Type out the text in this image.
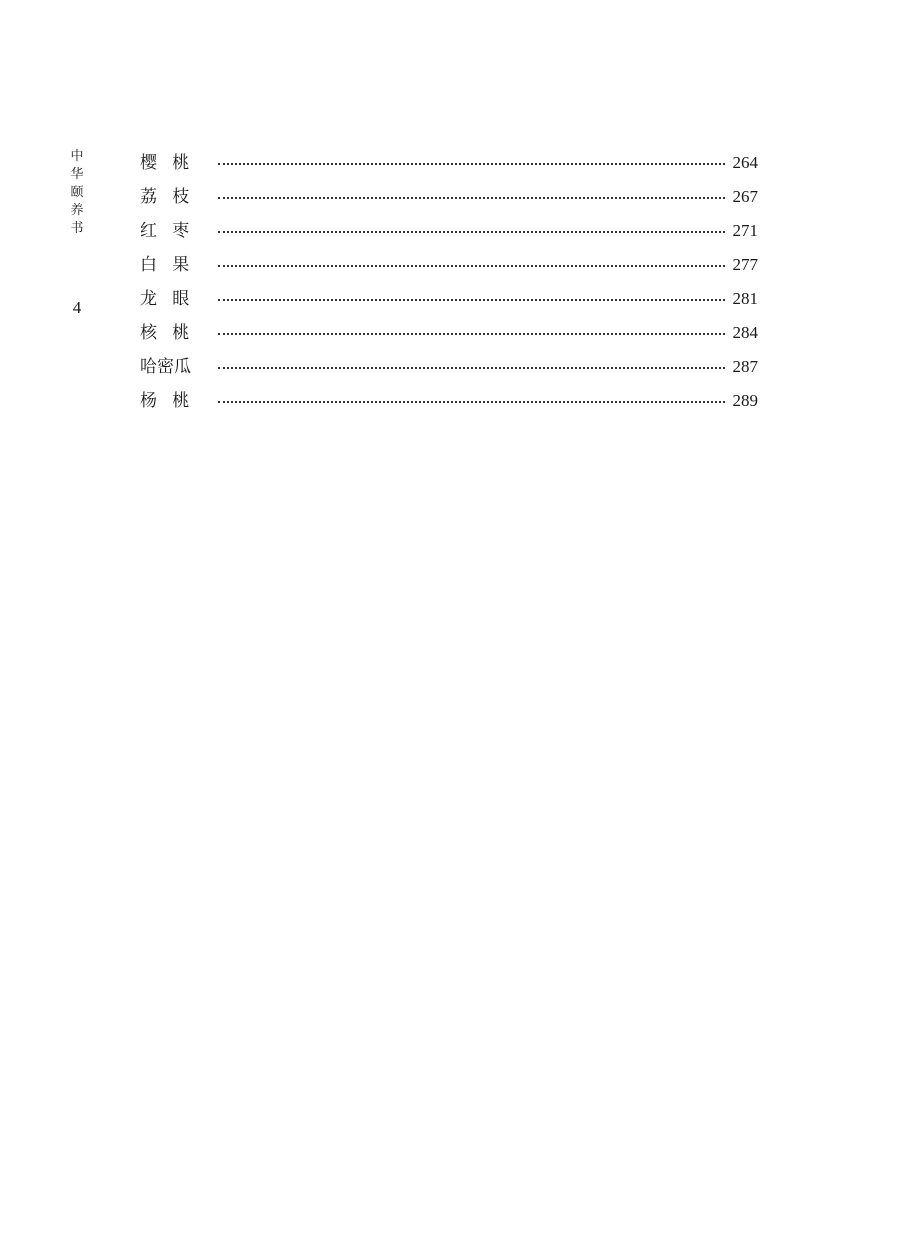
中
华
颐
养
书
4
樱桃	264
荔枝	267
红枣	271
白果	277
龙眼	281
核桃	284
哈密瓜	287
杨桃	289
